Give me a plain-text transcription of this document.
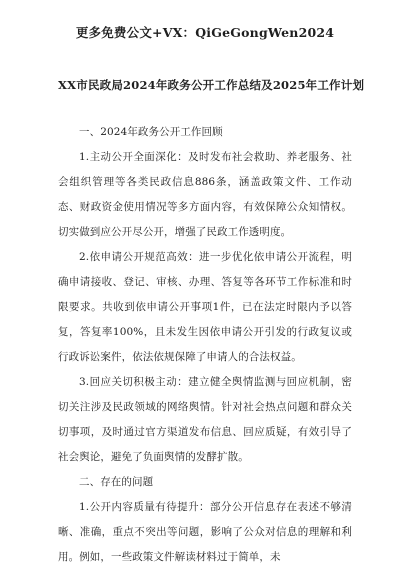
更多免费公文+VX：QiGeGongWen2024
XX市民政局2024年政务公开工作总结及2025年工作计划

一、2024年政务公开工作回顾

1.主动公开全面深化：及时发布社会救助、养老服务、社会组织管理等各类民政信息886条，涵盖政策文件、工作动态、财政资金使用情况等多方面内容，有效保障公众知情权。切实做到应公开尽公开，增强了民政工作透明度。

2.依申请公开规范高效：进一步优化依申请公开流程，明确申请接收、登记、审核、办理、答复等各环节工作标准和时限要求。共收到依申请公开事项1件，已在法定时限内予以答复，答复率100%，且未发生因依申请公开引发的行政复议或行政诉讼案件，依法依规保障了申请人的合法权益。

3.回应关切积极主动：建立健全舆情监测与回应机制，密切关注涉及民政领域的网络舆情。针对社会热点问题和群众关切事项，及时通过官方渠道发布信息、回应质疑，有效引导了社会舆论，避免了负面舆情的发酵扩散。

二、存在的问题

1.公开内容质量有待提升：部分公开信息存在表述不够清晰、准确，重点不突出等问题，影响了公众对信息的理解和利用。例如，一些政策文件解读材料过于简单，未
